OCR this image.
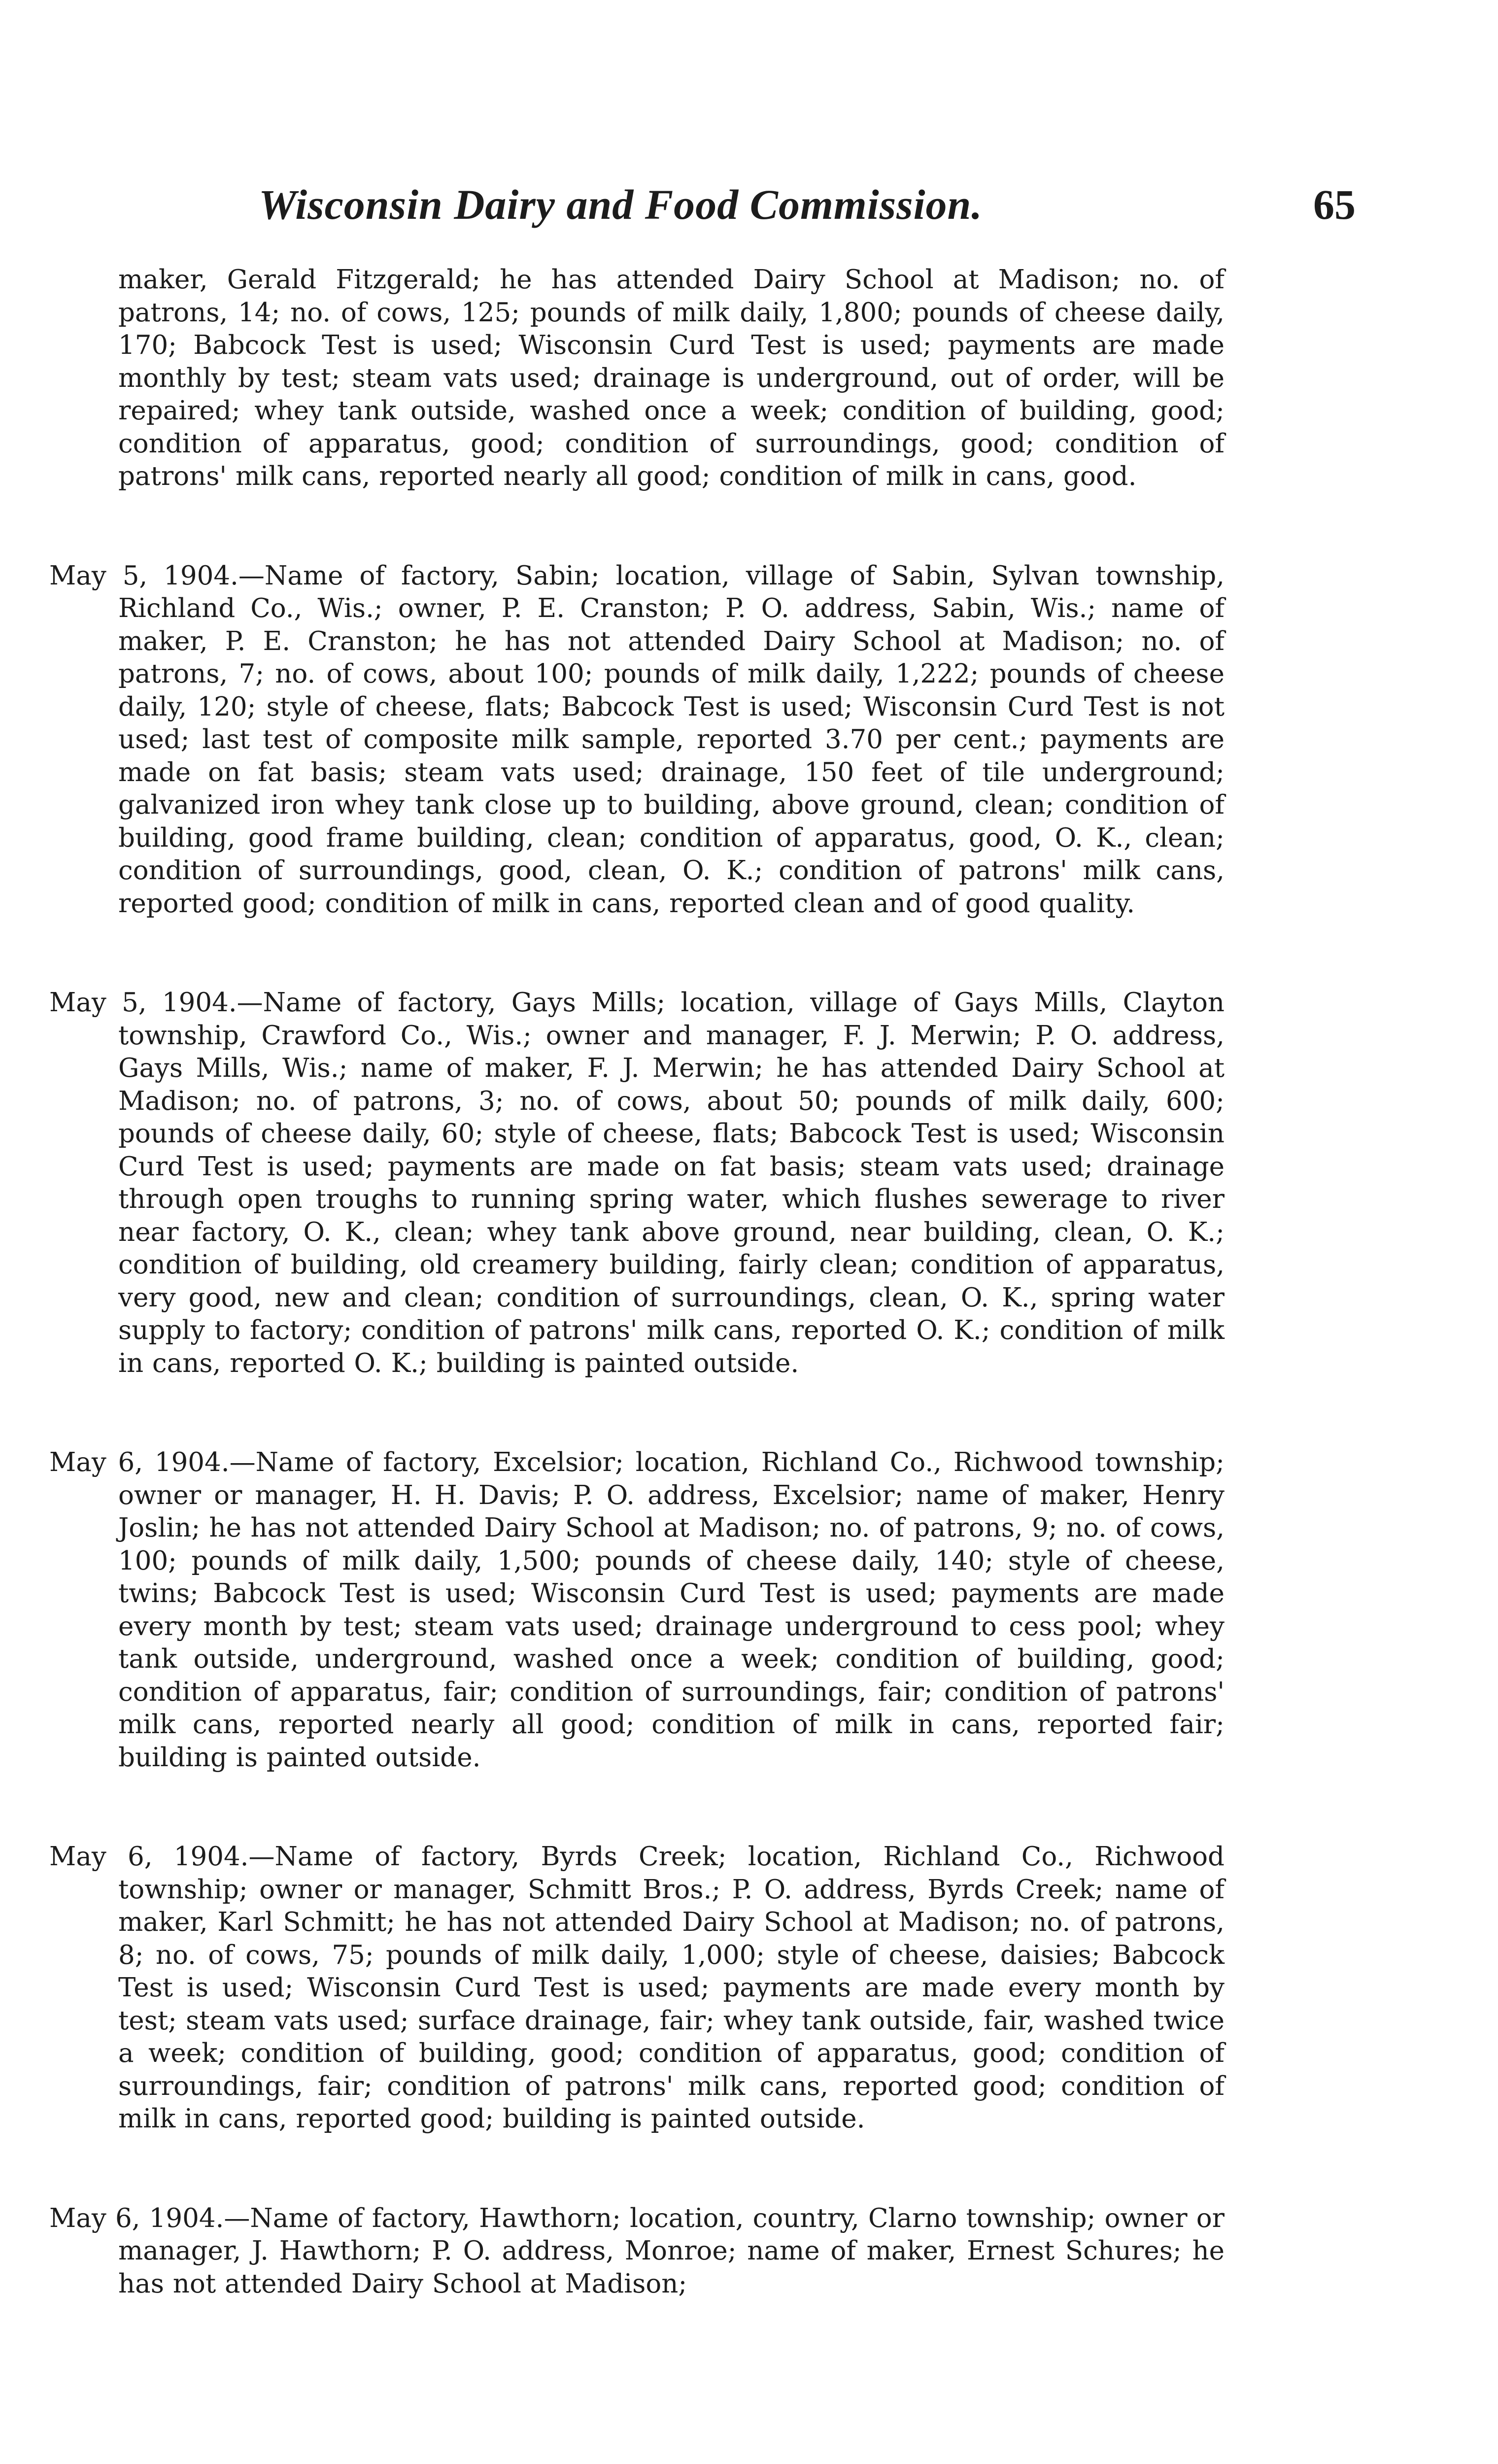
Wisconsin Dairy and Food Commission.	65

maker, Gerald Fitzgerald; he has attended Dairy School at Madison; no. of patrons, 14; no. of cows, 125; pounds of milk daily, 1,800; pounds of cheese daily, 170; Babcock Test is used; Wisconsin Curd Test is used; payments are made monthly by test; steam vats used; drainage is underground, out of order, will be repaired; whey tank outside, washed once a week; condition of building, good; condition of apparatus, good; condition of surroundings, good; condition of patrons' milk cans, reported nearly all good; condition of milk in cans, good.

May 5, 1904.—Name of factory, Sabin; location, village of Sabin, Sylvan township, Richland Co., Wis.; owner, P. E. Cranston; P. O. address, Sabin, Wis.; name of maker, P. E. Cranston; he has not attended Dairy School at Madison; no. of patrons, 7; no. of cows, about 100; pounds of milk daily, 1,222; pounds of cheese daily, 120; style of cheese, flats; Babcock Test is used; Wisconsin Curd Test is not used; last test of composite milk sample, reported 3.70 per cent.; payments are made on fat basis; steam vats used; drainage, 150 feet of tile underground; galvanized iron whey tank close up to building, above ground, clean; condition of building, good frame building, clean; condition of apparatus, good, O. K., clean; condition of surroundings, good, clean, O. K.; condition of patrons' milk cans, reported good; condition of milk in cans, reported clean and of good quality.

May 5, 1904.—Name of factory, Gays Mills; location, village of Gays Mills, Clayton township, Crawford Co., Wis.; owner and manager, F. J. Merwin; P. O. address, Gays Mills, Wis.; name of maker, F. J. Merwin; he has attended Dairy School at Madison; no. of patrons, 3; no. of cows, about 50; pounds of milk daily, 600; pounds of cheese daily, 60; style of cheese, flats; Babcock Test is used; Wisconsin Curd Test is used; payments are made on fat basis; steam vats used; drainage through open troughs to running spring water, which flushes sewerage to river near factory, O. K., clean; whey tank above ground, near building, clean, O. K.; condition of building, old creamery building, fairly clean; condition of apparatus, very good, new and clean; condition of surroundings, clean, O. K., spring water supply to factory; condition of patrons' milk cans, reported O. K.; condition of milk in cans, reported O. K.; building is painted outside.

May 6, 1904.—Name of factory, Excelsior; location, Richland Co., Richwood township; owner or manager, H. H. Davis; P. O. address, Excelsior; name of maker, Henry Joslin; he has not attended Dairy School at Madison; no. of patrons, 9; no. of cows, 100; pounds of milk daily, 1,500; pounds of cheese daily, 140; style of cheese, twins; Babcock Test is used; Wisconsin Curd Test is used; payments are made every month by test; steam vats used; drainage underground to cess pool; whey tank outside, underground, washed once a week; condition of building, good; condition of apparatus, fair; condition of surroundings, fair; condition of patrons' milk cans, reported nearly all good; condition of milk in cans, reported fair; building is painted outside.

May 6, 1904.—Name of factory, Byrds Creek; location, Richland Co., Richwood township; owner or manager, Schmitt Bros.; P. O. address, Byrds Creek; name of maker, Karl Schmitt; he has not attended Dairy School at Madison; no. of patrons, 8; no. of cows, 75; pounds of milk daily, 1,000; style of cheese, daisies; Babcock Test is used; Wisconsin Curd Test is used; payments are made every month by test; steam vats used; surface drainage, fair; whey tank outside, fair, washed twice a week; condition of building, good; condition of apparatus, good; condition of surroundings, fair; condition of patrons' milk cans, reported good; condition of milk in cans, reported good; building is painted outside.

May 6, 1904.—Name of factory, Hawthorn; location, country, Clarno township; owner or manager, J. Hawthorn; P. O. address, Monroe; name of maker, Ernest Schures; he has not attended Dairy School at Madison;
